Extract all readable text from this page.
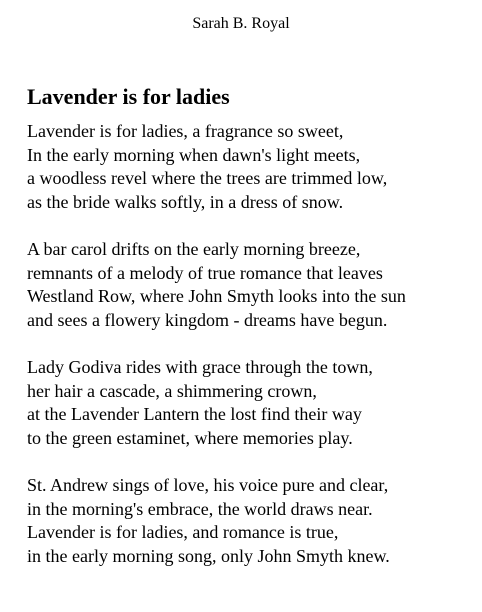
Sarah B. Royal
Lavender is for ladies
Lavender is for ladies, a fragrance so sweet,
In the early morning when dawn's light meets,
a woodless revel where the trees are trimmed low,
as the bride walks softly, in a dress of snow.
A bar carol drifts on the early morning breeze,
remnants of a melody of true romance that leaves
Westland Row, where John Smyth looks into the sun
and sees a flowery kingdom - dreams have begun.
Lady Godiva rides with grace through the town,
her hair a cascade, a shimmering crown,
at the Lavender Lantern the lost find their way
to the green estaminet, where memories play.
St. Andrew sings of love, his voice pure and clear,
in the morning's embrace, the world draws near.
Lavender is for ladies, and romance is true,
in the early morning song, only John Smyth knew.
